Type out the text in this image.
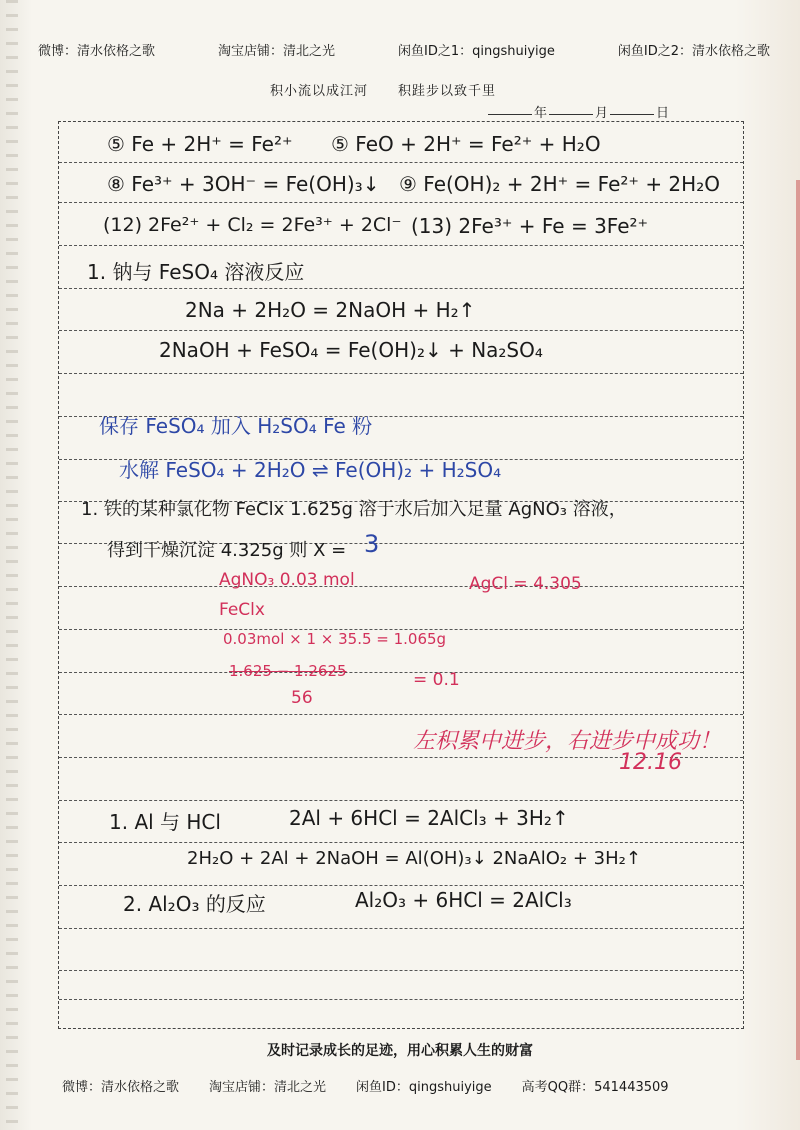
微博：清水依格之歌	淘宝店铺：清北之光	闲鱼ID之1：qingshuiyige	闲鱼ID之2：清水依格之歌
积小流以成江河 积跬步以致千里
年	月	日
⑤ Fe + 2H⁺ = Fe²⁺ ⑤ FeO + 2H⁺ = Fe²⁺ + H₂O
⑧ Fe³⁺ + 3OH⁻ = Fe(OH)₃↓ ⑨ Fe(OH)₂ + 2H⁺ = Fe²⁺ + 2H₂O
(12) 2Fe²⁺ + Cl₂ = 2Fe³⁺ + 2Cl⁻ (13) 2Fe³⁺ + Fe = 3Fe²⁺
1. 钠与 FeSO₄ 溶液反应
2Na + 2H₂O = 2NaOH + H₂↑
2NaOH + FeSO₄ = Fe(OH)₂↓ + Na₂SO₄
保存 FeSO₄ 加入 H₂SO₄ Fe 粉
水解 FeSO₄ + 2H₂O ⇌ Fe(OH)₂ + H₂SO₄
1. 铁的某种氯化物 FeClx 1.625g 溶于水后加入足量 AgNO₃ 溶液，
得到干燥沉淀 4.325g 则 X = 3
AgNO₃ 0.03 mol	AgCl = 4.305
FeClx
0.03mol × 1 × 35.5 = 1.065g
1.625 − 1.2625	= 0.1
56
左积累中进步，右进步中成功！
12.16
1. Al 与 HCl	2Al + 6HCl = 2AlCl₃ + 3H₂↑
2H₂O + 2Al + 2NaOH = Al(OH)₃↓ 2NaAlO₂ + 3H₂↑
2. Al₂O₃ 的反应	Al₂O₃ + 6HCl = 2AlCl₃
及时记录成长的足迹，用心积累人生的财富
微博：清水依格之歌 淘宝店铺：清北之光 闲鱼ID：qingshuiyige 高考QQ群：541443509
